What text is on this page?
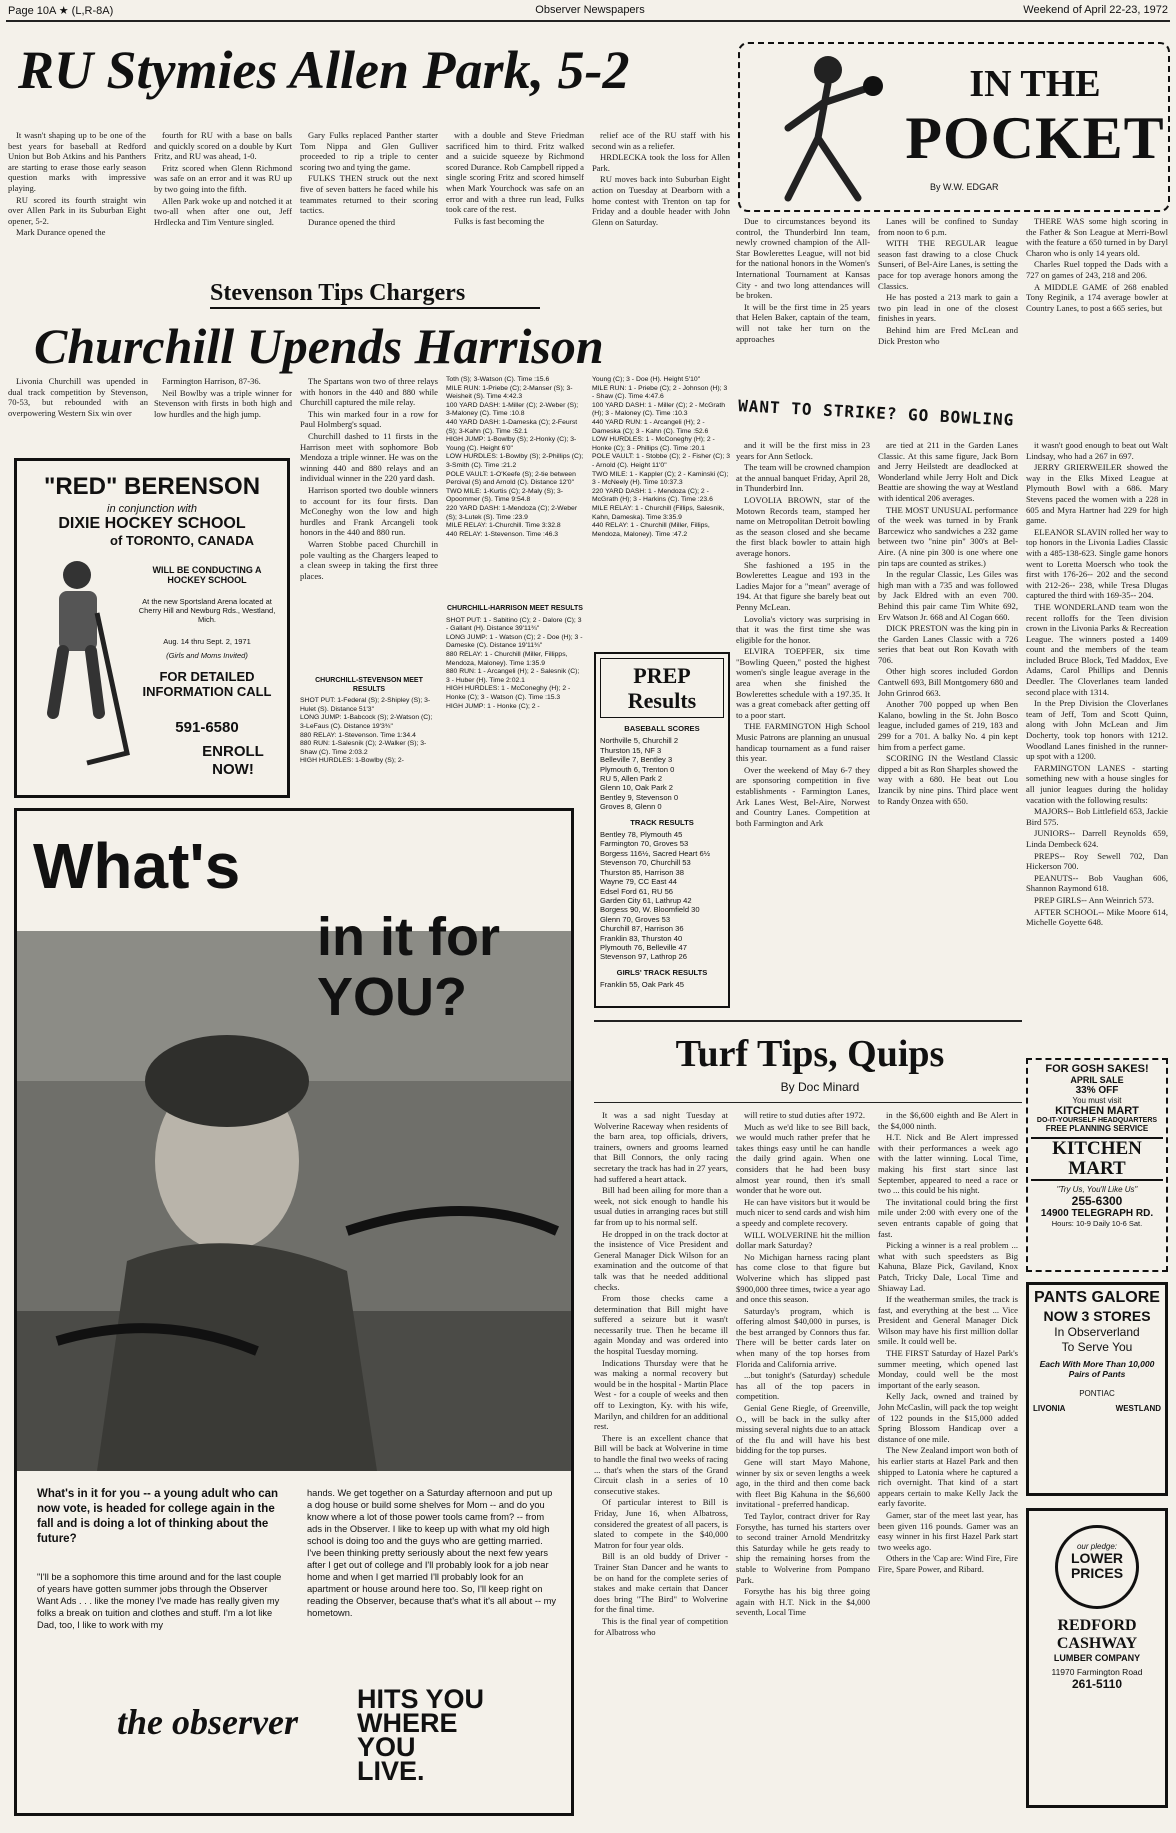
Page 10A ★ (L,R-8A)	Observer Newspapers	Weekend of April 22-23, 1972
RU Stymies Allen Park, 5-2

It wasn't shaping up to be one of the best years for baseball at Redford Union but Bob Atkins and his Panthers are starting to erase those early season question marks with impressive playing.

RU scored its fourth straight win over Allen Park in its Suburban Eight opener, 5-2.

Mark Durance opened the

fourth for RU with a base on balls and quickly scored on a double by Kurt Fritz, and RU was ahead, 1-0.

Fritz scored when Glenn Richmond was safe on an error and it was RU up by two going into the fifth.

Allen Park woke up and notched it at two-all when after one out, Jeff Hrdlecka and Tim Venture singled.

Gary Fulks replaced Panther starter Tom Nippa and Glen Gulliver proceeded to rip a triple to center scoring two and tying the game.

FULKS THEN struck out the next five of seven batters he faced while his teammates returned to their scoring tactics.

Durance opened the third

with a double and Steve Friedman sacrificed him to third. Fritz walked and a suicide squeeze by Richmond scored Durance. Rob Campbell ripped a single scoring Fritz and scored himself when Mark Yourchock was safe on an error and with a three run lead, Fulks took care of the rest.

Fulks is fast becoming the

relief ace of the RU staff with his second win as a reliefer.

HRDLECKA took the loss for Allen Park.

RU moves back into Suburban Eight action on Tuesday at Dearborn with a home contest with Trenton on tap for Friday and a double header with John Glenn on Saturday.

IN THE
POCKET
By W.W. EDGAR

Due to circumstances beyond its control, the Thunderbird Inn team, newly crowned champion of the All-Star Bowlerettes League, will not bid for the national honors in the Women's International Tournament at Kansas City - and two long attendances will be broken.

It will be the first time in 25 years that Helen Baker, captain of the team, will not take her turn on the approaches

Lanes will be confined to Sunday from noon to 6 p.m.

WITH THE REGULAR league season fast drawing to a close Chuck Sunseri, of Bel-Aire Lanes, is setting the pace for top average honors among the Classics.

He has posted a 213 mark to gain a two pin lead in one of the closest finishes in years.

Behind him are Fred McLean and Dick Preston who

THERE WAS some high scoring in the Father & Son League at Merri-Bowl with the feature a 650 turned in by Daryl Charon who is only 14 years old.

Charles Ruel topped the Dads with a 727 on games of 243, 218 and 206.

A MIDDLE GAME of 268 enabled Tony Reginik, a 174 average bowler at Country Lanes, to post a 665 series, but

WANT TO STRIKE? GO BOWLING
Stevenson Tips Chargers
Churchill Upends Harrison

Livonia Churchill was upended in dual track competition by Stevenson, 70-53, but rebounded with an overpowering Western Six win over

Farmington Harrison, 87-36.

Neil Bowlby was a triple winner for Stevenson with firsts in both high and low hurdles and the high jump.

The Spartans won two of three relays with honors in the 440 and 880 while Churchill captured the mile relay.

This win marked four in a row for Paul Holmberg's squad.

Churchill dashed to 11 firsts in the Harrison meet with sophomore Bob Mendoza a triple winner. He was on the winning 440 and 880 relays and an individual winner in the 220 yard dash.

Harrison sported two double winners to account for its four firsts. Dan McConeghy won the low and high hurdles and Frank Arcangeli took honors in the 440 and 880 run.

Warren Stobbe paced Churchill in pole vaulting as the Chargers leaped to a clean sweep in taking the first three places.

CHURCHILL-STEVENSON MEET RESULTS
SHOT PUT: 1-Federal (S); 2-Shipley (S); 3-Hulet (S). Distance 51'3"
LONG JUMP: 1-Babcock (S); 2-Watson (C); 3-LeFaus (C). Distance 19'3¾"
880 RELAY: 1-Stevenson. Time 1:34.4
880 RUN: 1-Salesnik (C); 2-Walker (S); 3-Shaw (C). Time 2:03.2
HIGH HURDLES: 1-Bowlby (S); 2-
Toth (S); 3-Watson (C). Time :15.6
MILE RUN: 1-Priebe (C); 2-Manser (S); 3-Weisheit (S). Time 4:42.3
100 YARD DASH: 1-Miller (C); 2-Weber (S); 3-Maloney (C). Time :10.8
440 YARD DASH: 1-Dameska (C); 2-Feurst (S); 3-Kahn (C). Time :52.1
HIGH JUMP: 1-Bowlby (S); 2-Honky (C); 3-Young (C). Height 6'0"
LOW HURDLES: 1-Bowlby (S); 2-Phillips (C); 3-Smith (C). Time :21.2
POLE VAULT: 1-O'Keefe (S); 2-tie between Percival (S) and Arnold (C). Distance 12'0"
TWO MILE: 1-Kurtis (C); 2-Maly (S); 3-Opoommer (S). Time 9:54.8
220 YARD DASH: 1-Mendoza (C); 2-Weber (S); 3-Lutek (S). Time :23.9
MILE RELAY: 1-Churchill. Time 3:32.8
440 RELAY: 1-Stevenson. Time :46.3
CHURCHILL-HARRISON MEET RESULTS
SHOT PUT: 1 - Sabitino (C); 2 - Dalore (C); 3 - Gallant (H). Distance 39'11¾"
LONG JUMP: 1 - Watson (C); 2 - Doe (H); 3 - Dameske (C). Distance 19'11¾"
880 RELAY: 1 - Churchill (Miller, Fillipps, Mendoza, Maloney). Time 1:35.9
880 RUN: 1 - Arcangeli (H); 2 - Salesnik (C); 3 - Huber (H). Time 2:02.1
HIGH HURDLES: 1 - McConeghy (H); 2 - Honke (C); 3 - Watson (C). Time :15.3
HIGH JUMP: 1 - Honke (C); 2 -
Young (C); 3 - Doe (H). Height 5'10"
MILE RUN: 1 - Priebe (C); 2 - Johnson (H); 3 - Shaw (C). Time 4:47.6
100 YARD DASH: 1 - Miller (C); 2 - McGrath (H); 3 - Maloney (C). Time :10.3
440 YARD RUN: 1 - Arcangeli (H); 2 - Dameska (C); 3 - Kahn (C). Time :52.6
LOW HURDLES: 1 - McConeghy (H); 2 - Honke (C); 3 - Phillips (C). Time :20.1
POLE VAULT: 1 - Stobbe (C); 2 - Fisher (C); 3 - Arnold (C). Height 11'0"
TWO MILE: 1 - Kappler (C); 2 - Kaminski (C); 3 - McNeely (H). Time 10:37.3
220 YARD DASH: 1 - Mendoza (C); 2 - McGrath (H); 3 - Harkins (C). Time :23.6
MILE RELAY: 1 - Churchill (Fillips, Salesnik, Kahn, Dameska). Time 3:35.9
440 RELAY: 1 - Churchill (Miller, Fillips, Mendoza, Maloney). Time :47.2
"RED" BERENSON
in conjunction with
DIXIE HOCKEY SCHOOL
of TORONTO, CANADA
WILL BE CONDUCTING A HOCKEY SCHOOL
At the new Sportsland Arena located at Cherry Hill and Newburg Rds., Westland, Mich.
Aug. 14 thru Sept. 2, 1971
(Girls and Moms Invited)
FOR DETAILED INFORMATION CALL
591-6580
ENROLL NOW!
What's
in it for
YOU?
What's in it for you -- a young adult who can now vote, is headed for college again in the fall and is doing a lot of thinking about the future?
"I'll be a sophomore this time around and for the last couple of years have gotten summer jobs through the Observer Want Ads . . . like the money I've made has really given my folks a break on tuition and clothes and stuff. I'm a lot like Dad, too, I like to work with my
hands. We get together on a Saturday afternoon and put up a dog house or build some shelves for Mom -- and do you know where a lot of those power tools came from? -- from ads in the Observer. I like to keep up with what my old high school is doing too and the guys who are getting married. I've been thinking pretty seriously about the next few years after I get out of college and I'll probably look for a job near home and when I get married I'll probably look for an apartment or house around here too. So, I'll keep right on reading the Observer, because that's what it's all about -- my hometown.
the observer
HITS YOU WHERE YOU LIVE.
PREP Results
BASEBALL SCORES
Northville 5, Churchill 2
Thurston 15, NF 3
Belleville 7, Bentley 3
Plymouth 6, Trenton 0
RU 5, Allen Park 2
Glenn 10, Oak Park 2
Bentley 9, Stevenson 0
Groves 8, Glenn 0
TRACK RESULTS
Bentley 78, Plymouth 45
Farmington 70, Groves 53
Borgess 116½, Sacred Heart 6½
Stevenson 70, Churchill 53
Thurston 85, Harrison 38
Wayne 79, CC East 44
Edsel Ford 61, RU 56
Garden City 61, Lathrup 42
Borgess 90, W. Bloomfield 30
Glenn 70, Groves 53
Churchill 87, Harrison 36
Franklin 83, Thurston 40
Plymouth 76, Belleville 47
Stevenson 97, Lathrop 26
GIRLS' TRACK RESULTS
Franklin 55, Oak Park 45

and it will be the first miss in 23 years for Ann Setlock.

The team will be crowned champion at the annual banquet Friday, April 28, in Thunderbird Inn.

LOVOLIA BROWN, star of the Motown Records team, stamped her name on Metropolitan Detroit bowling as the season closed and she became the first black bowler to attain high average honors.

She fashioned a 195 in the Bowlerettes League and 193 in the Ladies Major for a "mean" average of 194. At that figure she barely beat out Penny McLean.

Lovolia's victory was surprising in that it was the first time she was eligible for the honor.

ELVIRA TOEPFER, six time "Bowling Queen," posted the highest women's single league average in the area when she finished the Bowlerettes schedule with a 197.35. It was a great comeback after getting off to a poor start.

THE FARMINGTON High School Music Patrons are planning an unusual handicap tournament as a fund raiser this year.

Over the weekend of May 6-7 they are sponsoring competition in five establishments - Farmington Lanes, Ark Lanes West, Bel-Aire, Norwest and Country Lanes. Competition at both Farmington and Ark

are tied at 211 in the Garden Lanes Classic. At this same figure, Jack Born and Jerry Heilstedt are deadlocked at Wonderland while Jerry Holt and Dick Beattie are showing the way at Westland with identical 206 averages.

THE MOST UNUSUAL performance of the week was turned in by Frank Barcewicz who sandwiches a 232 game between two "nine pin" 300's at Bel-Aire. (A nine pin 300 is one where one pin taps are counted as strikes.)

In the regular Classic, Les Giles was high man with a 735 and was followed by Jack Eldred with an even 700. Behind this pair came Tim White 692, Erv Watson Jr. 668 and Al Cogan 660.

DICK PRESTON was the king pin in the Garden Lanes Classic with a 726 series that beat out Ron Kovath with 706.

Other high scores included Gordon Cantwell 693, Bill Montgomery 680 and John Grinrod 663.

Another 700 popped up when Ben Kalano, bowling in the St. John Bosco league, included games of 219, 183 and 299 for a 701. A balky No. 4 pin kept him from a perfect game.

SCORING IN the Westland Classic dipped a bit as Ron Sharples showed the way with a 680. He beat out Lou Izancik by nine pins. Third place went to Randy Onzea with 650.

it wasn't good enough to beat out Walt Lindsay, who had a 267 in 697.

JERRY GRIERWEILER showed the way in the Elks Mixed League at Plymouth Bowl with a 686. Mary Stevens paced the women with a 228 in 605 and Myra Hartner had 229 for high game.

ELEANOR SLAVIN rolled her way to top honors in the Livonia Ladies Classic with a 485-138-623. Single game honors went to Loretta Moersch who took the first with 176-26-- 202 and the second with 212-26-- 238, while Tresa Dlugas captured the third with 169-35-- 204.

THE WONDERLAND team won the recent rolloffs for the Teen division crown in the Livonia Parks & Recreation League. The winners posted a 1409 count and the members of the team included Bruce Block, Ted Maddox, Eve Adams, Carol Phillips and Dennis Deedler. The Cloverlanes team landed second place with 1314.

In the Prep Division the Cloverlanes team of Jeff, Tom and Scott Quinn, along with John McLean and Jim Docherty, took top honors with 1212. Woodland Lanes finished in the runner-up spot with a 1200.

FARMINGTON LANES - starting something new with a house singles for all junior leagues during the holiday vacation with the following results:

MAJORS-- Bob Littlefield 653, Jackie Bird 575.

JUNIORS-- Darrell Reynolds 659, Linda Dembeck 624.

PREPS-- Roy Sewell 702, Dan Hickerson 700.

PEANUTS-- Bob Vaughan 606, Shannon Raymond 618.

PREP GIRLS-- Ann Weinrich 573.

AFTER SCHOOL-- Mike Moore 614, Michelle Goyette 648.

Turf Tips, Quips
By Doc Minard

It was a sad night Tuesday at Wolverine Raceway when residents of the barn area, top officials, drivers, trainers, owners and grooms learned that Bill Connors, the only racing secretary the track has had in 27 years, had suffered a heart attack.

Bill had been ailing for more than a week, not sick enough to handle his usual duties in arranging races but still far from up to his normal self.

He dropped in on the track doctor at the insistence of Vice President and General Manager Dick Wilson for an examination and the outcome of that talk was that he needed additional checks.

From those checks came a determination that Bill might have suffered a seizure but it wasn't necessarily true. Then he became ill again Monday and was ordered into the hospital Tuesday morning.

Indications Thursday were that he was making a normal recovery but would be in the hospital - Martin Place West - for a couple of weeks and then off to Lexington, Ky. with his wife, Marilyn, and children for an additional rest.

There is an excellent chance that Bill will be back at Wolverine in time to handle the final two weeks of racing ... that's when the stars of the Grand Circuit clash in a series of 10 consecutive stakes.

Of particular interest to Bill is Friday, June 16, when Albatross, considered the greatest of all pacers, is slated to compete in the $40,000 Matron for four year olds.

Bill is an old buddy of Driver - Trainer Stan Dancer and he wants to be on hand for the complete series of stakes and make certain that Dancer does bring "The Bird" to Wolverine for the final time.

This is the final year of competition for Albatross who

will retire to stud duties after 1972.

Much as we'd like to see Bill back, we would much rather prefer that he takes things easy until he can handle the daily grind again. When one considers that he had been busy almost year round, then it's small wonder that he wore out.

He can have visitors but it would be much nicer to send cards and wish him a speedy and complete recovery.

WILL WOLVERINE hit the million dollar mark Saturday?

No Michigan harness racing plant has come close to that figure but Wolverine which has slipped past $900,000 three times, twice a year ago and once this season.

Saturday's program, which is offering almost $40,000 in purses, is the best arranged by Connors thus far. There will be better cards later on when many of the top horses from Florida and California arrive.

...but tonight's (Saturday) schedule has all of the top pacers in competition.

Genial Gene Riegle, of Greenville, O., will be back in the sulky after missing several nights due to an attack of the flu and will have his best bidding for the top purses.

Gene will start Mayo Mahone, winner by six or seven lengths a week ago, in the third and then come back with fleet Big Kahuna in the $6,600 invitational - preferred handicap.

Ted Taylor, contract driver for Ray Forsythe, has turned his starters over to second trainer Arnold Mendritzky this Saturday while he gets ready to ship the remaining horses from the stable to Wolverine from Pompano Park.

Forsythe has his big three going again with H.T. Nick in the $4,000 seventh, Local Time

in the $6,600 eighth and Be Alert in the $4,000 ninth.

H.T. Nick and Be Alert impressed with their performances a week ago with the latter winning. Local Time, making his first start since last September, appeared to need a race or two ... this could be his night.

The invitational could bring the first mile under 2:00 with every one of the seven entrants capable of going that fast.

Picking a winner is a real problem ... what with such speedsters as Big Kahuna, Blaze Pick, Gaviland, Knox Patch, Tricky Dale, Local Time and Shiaway Lad.

If the weatherman smiles, the track is fast, and everything at the best ... Vice President and General Manager Dick Wilson may have his first million dollar smile. It could well be.

THE FIRST Saturday of Hazel Park's summer meeting, which opened last Monday, could well be the most important of the early season.

Kelly Jack, owned and trained by John McCaslin, will pack the top weight of 122 pounds in the $15,000 added Spring Blossom Handicap over a distance of one mile.

The New Zealand import won both of his earlier starts at Hazel Park and then shipped to Latonia where he captured a rich overnight. That kind of a start appears certain to make Kelly Jack the early favorite.

Gamer, star of the meet last year, has been given 116 pounds. Gamer was an easy winner in his first Hazel Park start two weeks ago.

Others in the 'Cap are: Wind Fire, Fire Fire, Spare Power, and Ribard.

FOR GOSH SAKES!
APRIL SALE
33% OFF
You must visit
KITCHEN MART
DO-IT-YOURSELF HEADQUARTERS
FREE PLANNING SERVICE
KITCHEN MART
"Try Us, You'll Like Us"
255-6300
14900 TELEGRAPH RD.
Hours: 10-9 Daily 10-6 Sat.
PANTS GALORE
NOW 3 STORES
In Observerland
To Serve You
Each With More Than 10,000 Pairs of Pants
PONTIAC
LIVONIA	WESTLAND
our pledge:
LOWER
PRICES
REDFORD CASHWAY
LUMBER COMPANY
11970 Farmington Road
261-5110
